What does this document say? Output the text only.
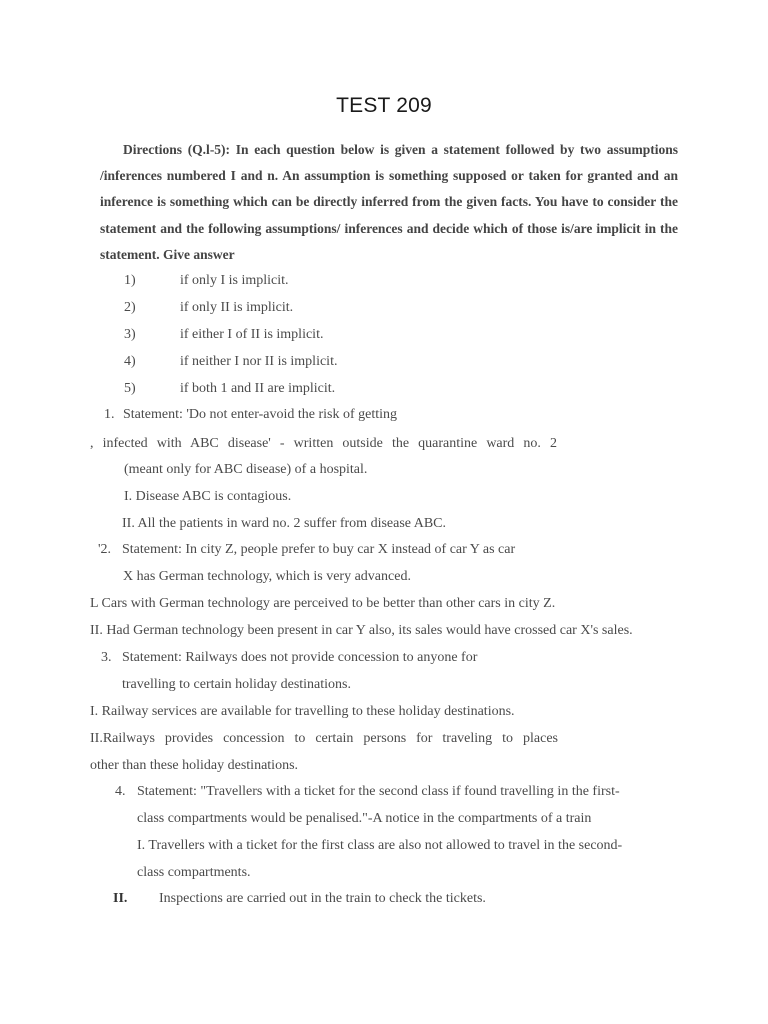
TEST 209
Directions (Q.l-5): In each question below is given a statement followed by two assumptions /inferences numbered I and n. An assumption is something supposed or taken for granted and an inference is something which can be directly inferred from the given facts. You have to consider the statement and the following assumptions/ inferences and decide which of those is/are implicit in the statement. Give answer
1)	if only I is implicit.
2)	if only II is implicit.
3)	if either I of II is implicit.
4)	if neither I nor II is implicit.
5)	if both 1 and II are implicit.
1. Statement: 'Do not enter-avoid the risk of getting
, infected with ABC disease' - written outside the quarantine ward no. 2
(meant only for ABC disease) of a hospital.
I. Disease ABC is contagious.
II. All the patients in ward no. 2 suffer from disease ABC.
'2. Statement: In city Z, people prefer to buy car X instead of car Y as car
X has German technology, which is very advanced.
L Cars with German technology are perceived to be better than other cars in city Z.
II. Had German technology been present in car Y also, its sales would have crossed car X's sales.
3. Statement: Railways does not provide concession to anyone for
travelling to certain holiday destinations.
I. Railway services are available for travelling to these holiday destinations.
II.Railways provides concession to certain persons for traveling to places
other than these holiday destinations.
4. Statement: "Travellers with a ticket for the second class if found travelling in the first-
class compartments would be penalised."-A notice in the compartments of a train
I. Travellers with a ticket for the first class are also not allowed to travel in the second-
class compartments.
II. Inspections are carried out in the train to check the tickets.
